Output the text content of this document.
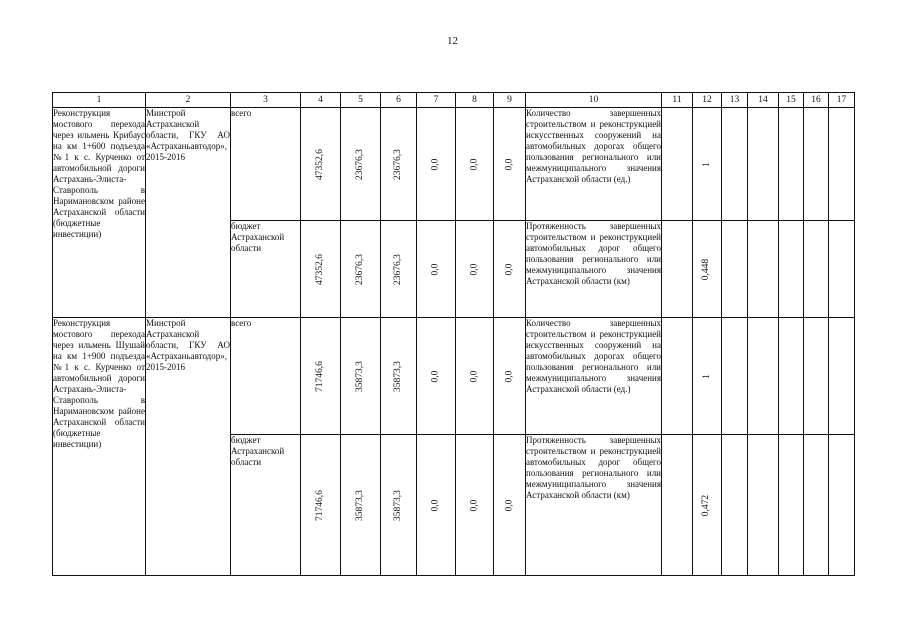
12
1	2	3	4	5	6	7	8	9	10	11	12	13	14	15	16	17
Реконструкция мостового перехода через ильмень Крибаус на км 1+600 подъезда №1 к с. Курченко от автомобильной дороги Астрахань-Элиста-Ставрополь в Наримановском районе Астраханской области (бюджетные инвестиции)	Минстрой Астраханской области, ГКУ АО «Астраханьавтодор», 2015-2016	всего	47352,6	23676,3	23676,3	0,0	0,0	0,0	Количество завершенных строительством и реконструкцией искусственных сооружений на автомобильных дорогах общего пользования регионального или межмуниципального значения Астраханской области (ед.)		1					
		бюджет Астраханской области	47352,6	23676,3	23676,3	0,0	0,0	0,0	Протяженность завершенных строительством и реконструкцией автомобильных дорог общего пользования регионального или межмуниципального значения Астраханской области (км)		0,448					
Реконструкция мостового перехода через ильмень Шушай на км 1+900 подъезда №1 к с. Курченко от автомобильной дороги Астрахань-Элиста-Ставрополь в Наримановском районе Астраханской области (бюджетные инвестиции)	Минстрой Астраханской области, ГКУ АО «Астраханьавтодор», 2015-2016	всего	71746,6	35873,3	35873,3	0,0	0,0	0,0	Количество завершенных строительством и реконструкцией искусственных сооружений на автомобильных дорогах общего пользования регионального или межмуниципального значения Астраханской области (ед.)		1					
		бюджет Астраханской области	71746,6	35873,3	35873,3	0,0	0,0	0,0	Протяженность завершенных строительством и реконструкцией автомобильных дорог общего пользования регионального или межмуниципального значения Астраханской области (км)		0,472					
